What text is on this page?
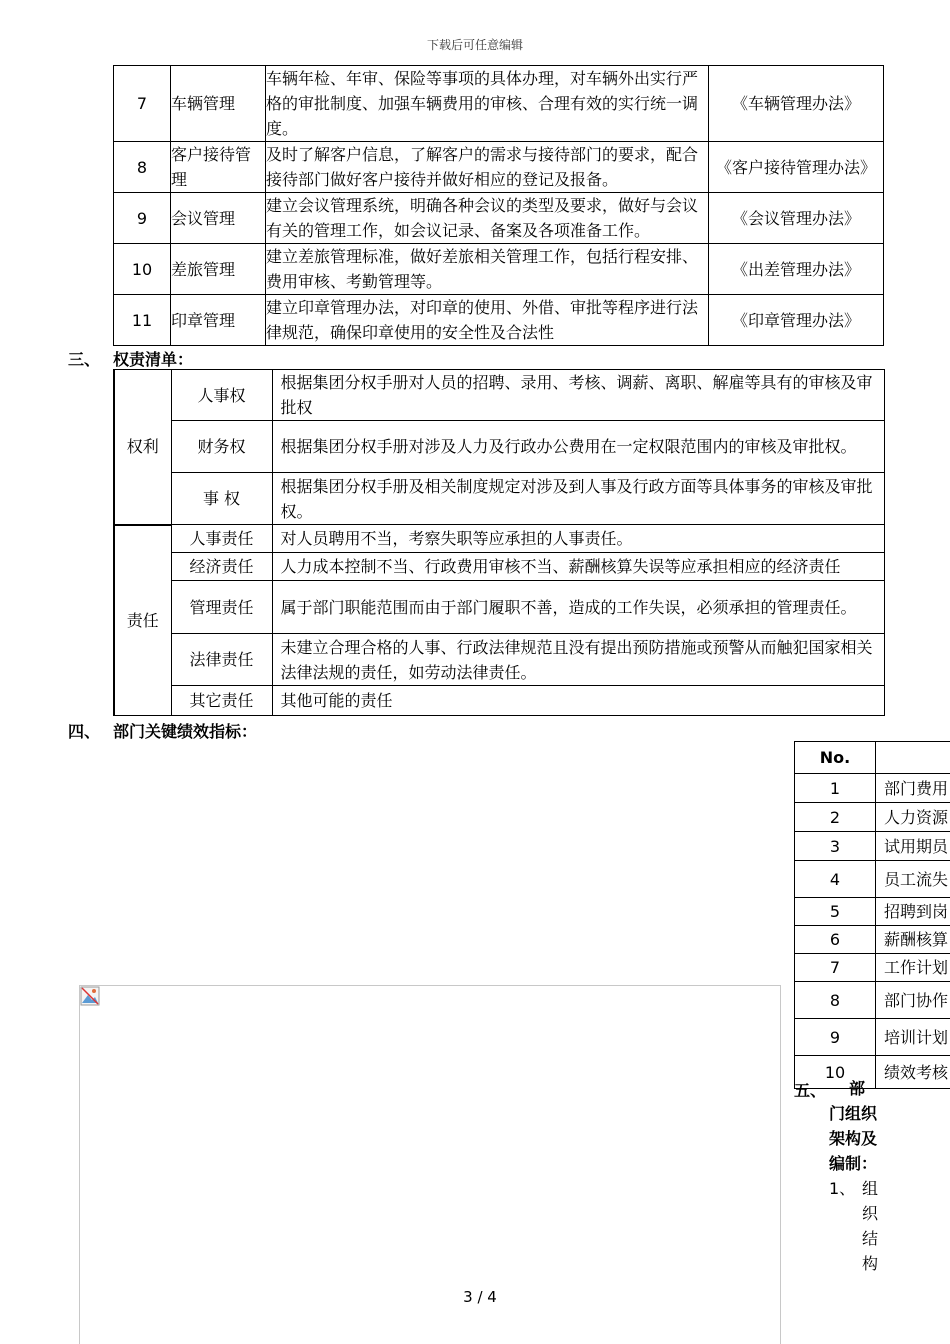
下载后可任意编辑
7	车辆管理	车辆年检、年审、保险等事项的具体办理，对车辆外出实行严格的审批制度、加强车辆费用的审核、合理有效的实行统一调度。	《车辆管理办法》
8	客户接待管理	及时了解客户信息，了解客户的需求与接待部门的要求，配合接待部门做好客户接待并做好相应的登记及报备。	《客户接待管理办法》
9	会议管理	建立会议管理系统，明确各种会议的类型及要求，做好与会议有关的管理工作，如会议记录、备案及各项准备工作。	《会议管理办法》
10	差旅管理	建立差旅管理标准，做好差旅相关管理工作，包括行程安排、费用审核、考勤管理等。	《出差管理办法》
11	印章管理	建立印章管理办法，对印章的使用、外借、审批等程序进行法律规范，确保印章使用的安全性及合法性	《印章管理办法》
三、 权责清单：
权利	人事权	根据集团分权手册对人员的招聘、录用、考核、调薪、离职、解雇等具有的审核及审批权
	财务权	根据集团分权手册对涉及人力及行政办公费用在一定权限范围内的审核及审批权。
	事 权	根据集团分权手册及相关制度规定对涉及到人事及行政方面等具体事务的审核及审批权。
责任	人事责任	对人员聘用不当，考察失职等应承担的人事责任。
	经济责任	人力成本控制不当、行政费用审核不当、薪酬核算失误等应承担相应的经济责任
	管理责任	属于部门职能范围而由于部门履职不善，造成的工作失误，必须承担的管理责任。
	法律责任	未建立合理合格的人事、行政法律规范且没有提出预防措施或预警从而触犯国家相关法律法规的责任，如劳动法律责任。
	其它责任	其他可能的责任
四、 部门关键绩效指标：
No.	
1	部门费用
2	人力资源
3	试用期员
4	员工流失
5	招聘到岗
6	薪酬核算
7	工作计划
8	部门协作
9	培训计划
10	绩效考核
五、 部
门组织
架构及
编制：
1、 组
织
结
构
3 / 4
